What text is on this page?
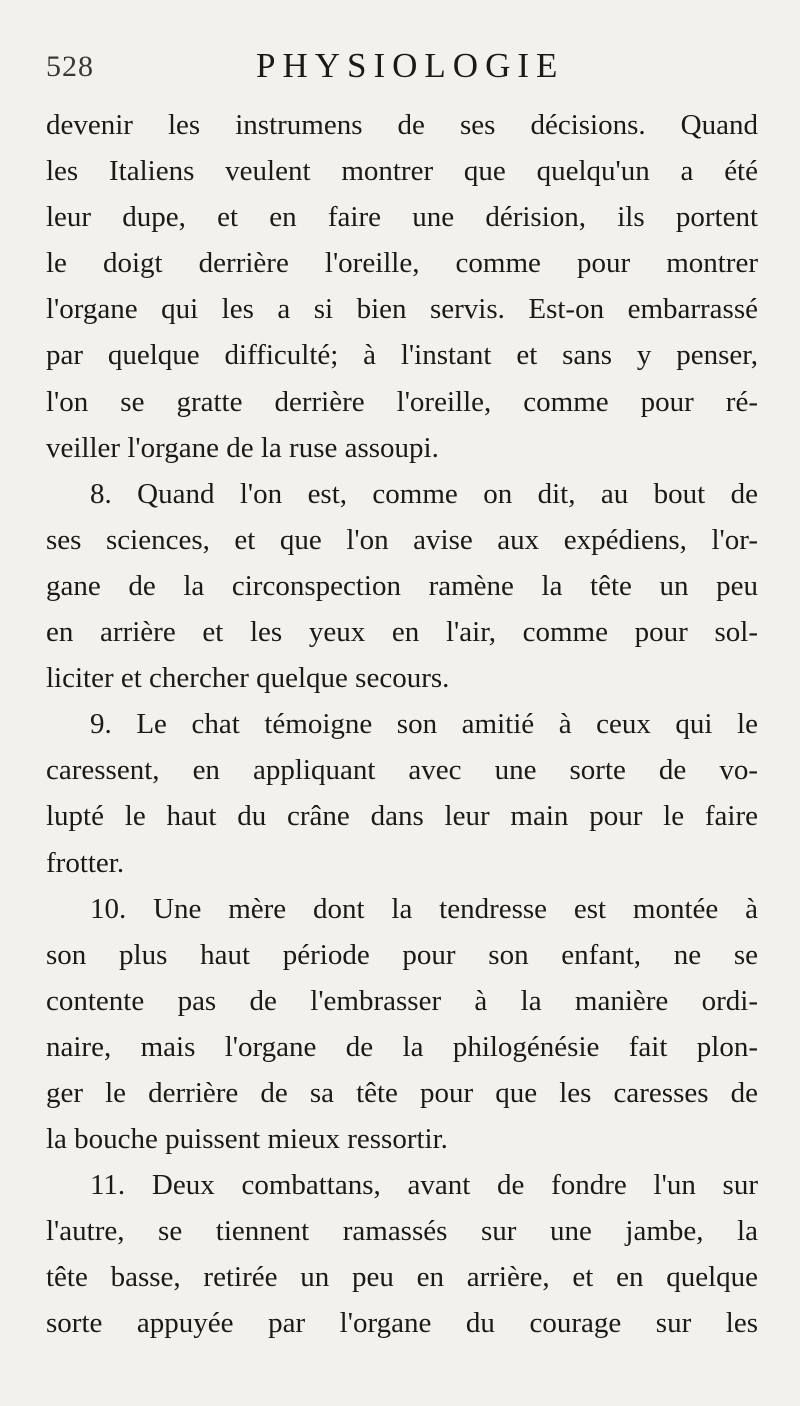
528	PHYSIOLOGIE
devenir les instrumens de ses décisions. Quand
les Italiens veulent montrer que quelqu'un a été
leur dupe, et en faire une dérision, ils portent
le doigt derrière l'oreille, comme pour montrer
l'organe qui les a si bien servis. Est-on embarrassé
par quelque difficulté; à l'instant et sans y penser,
l'on se gratte derrière l'oreille, comme pour ré-
veiller l'organe de la ruse assoupi.
8. Quand l'on est, comme on dit, au bout de
ses sciences, et que l'on avise aux expédiens, l'or-
gane de la circonspection ramène la tête un peu
en arrière et les yeux en l'air, comme pour sol-
liciter et chercher quelque secours.
9. Le chat témoigne son amitié à ceux qui le
caressent, en appliquant avec une sorte de vo-
lupté le haut du crâne dans leur main pour le faire
frotter.
10. Une mère dont la tendresse est montée à
son plus haut période pour son enfant, ne se
contente pas de l'embrasser à la manière ordi-
naire, mais l'organe de la philogénésie fait plon-
ger le derrière de sa tête pour que les caresses de
la bouche puissent mieux ressortir.
11. Deux combattans, avant de fondre l'un sur
l'autre, se tiennent ramassés sur une jambe, la
tête basse, retirée un peu en arrière, et en quelque
sorte appuyée par l'organe du courage sur les
